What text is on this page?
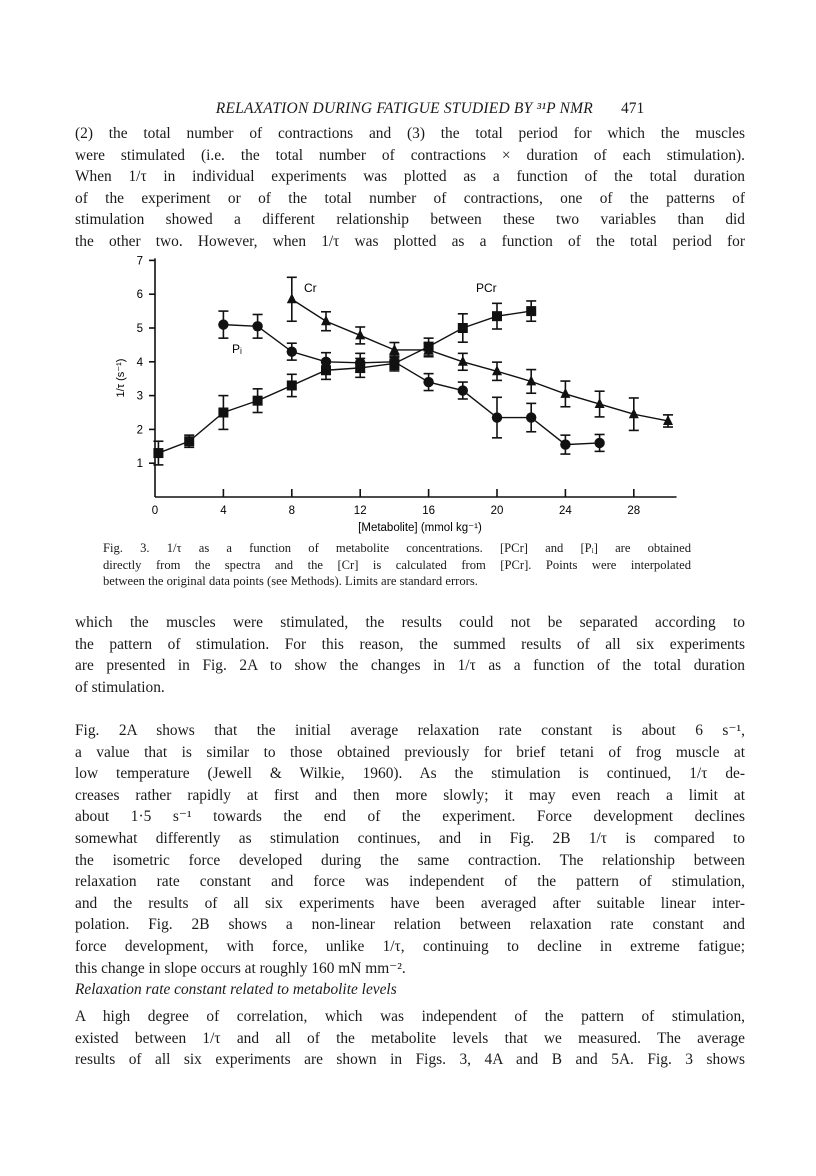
RELAXATION DURING FATIGUE STUDIED BY ³¹P NMR 471
(2) the total number of contractions and (3) the total period for which the muscles
were stimulated (i.e. the total number of contractions × duration of each stimulation).
When 1/τ in individual experiments was plotted as a function of the total duration
of the experiment or of the total number of contractions, one of the patterns of
stimulation showed a different relationship between these two variables than did
the other two. However, when 1/τ was plotted as a function of the total period for
1
2
3
4
5
6
7
0	4	8	12	16	20	24	28
1/τ (s⁻¹)
[Metabolite] (mmol kg⁻¹)
Cr	PCr
Pᵢ
Fig. 3. 1/τ as a function of metabolite concentrations. [PCr] and [Pᵢ] are obtained
directly from the spectra and the [Cr] is calculated from [PCr]. Points were interpolated
between the original data points (see Methods). Limits are standard errors.
which the muscles were stimulated, the results could not be separated according to
the pattern of stimulation. For this reason, the summed results of all six experiments
are presented in Fig. 2A to show the changes in 1/τ as a function of the total duration
of stimulation.
Fig. 2A shows that the initial average relaxation rate constant is about 6 s⁻¹,
a value that is similar to those obtained previously for brief tetani of frog muscle at
low temperature (Jewell & Wilkie, 1960). As the stimulation is continued, 1/τ de-
creases rather rapidly at first and then more slowly; it may even reach a limit at
about 1·5 s⁻¹ towards the end of the experiment. Force development declines
somewhat differently as stimulation continues, and in Fig. 2B 1/τ is compared to
the isometric force developed during the same contraction. The relationship between
relaxation rate constant and force was independent of the pattern of stimulation,
and the results of all six experiments have been averaged after suitable linear inter-
polation. Fig. 2B shows a non-linear relation between relaxation rate constant and
force development, with force, unlike 1/τ, continuing to decline in extreme fatigue;
this change in slope occurs at roughly 160 mN mm⁻².
Relaxation rate constant related to metabolite levels
A high degree of correlation, which was independent of the pattern of stimulation,
existed between 1/τ and all of the metabolite levels that we measured. The average
results of all six experiments are shown in Figs. 3, 4A and B and 5A. Fig. 3 shows
